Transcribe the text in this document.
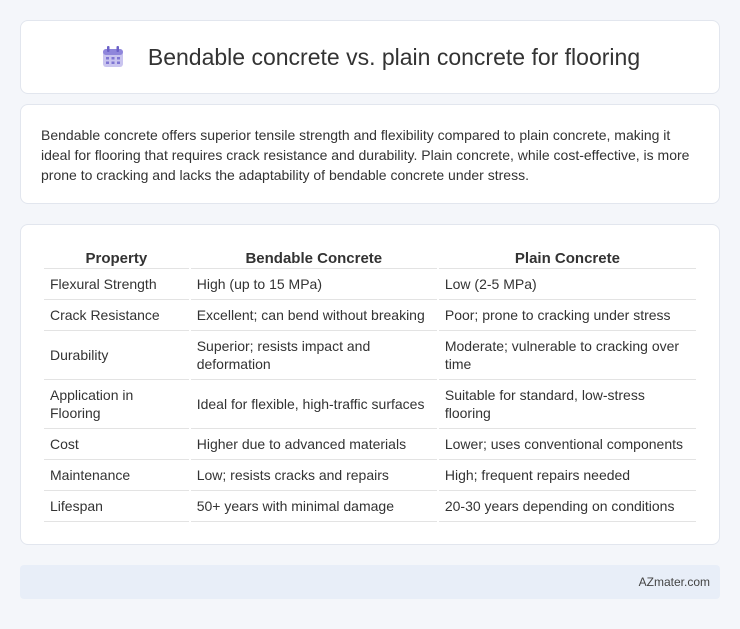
Bendable concrete vs. plain concrete for flooring

Bendable concrete offers superior tensile strength and flexibility compared to plain concrete, making it ideal for flooring that requires crack resistance and durability. Plain concrete, while cost-effective, is more prone to cracking and lacks the adaptability of bendable concrete under stress.

Property	Bendable Concrete	Plain Concrete
Flexural Strength	High (up to 15 MPa)	Low (2-5 MPa)
Crack Resistance	Excellent; can bend without breaking	Poor; prone to cracking under stress
Durability	Superior; resists impact and deformation	Moderate; vulnerable to cracking over time
Application in Flooring	Ideal for flexible, high-traffic surfaces	Suitable for standard, low-stress flooring
Cost	Higher due to advanced materials	Lower; uses conventional components
Maintenance	Low; resists cracks and repairs	High; frequent repairs needed
Lifespan	50+ years with minimal damage	20-30 years depending on conditions
AZmater.com
